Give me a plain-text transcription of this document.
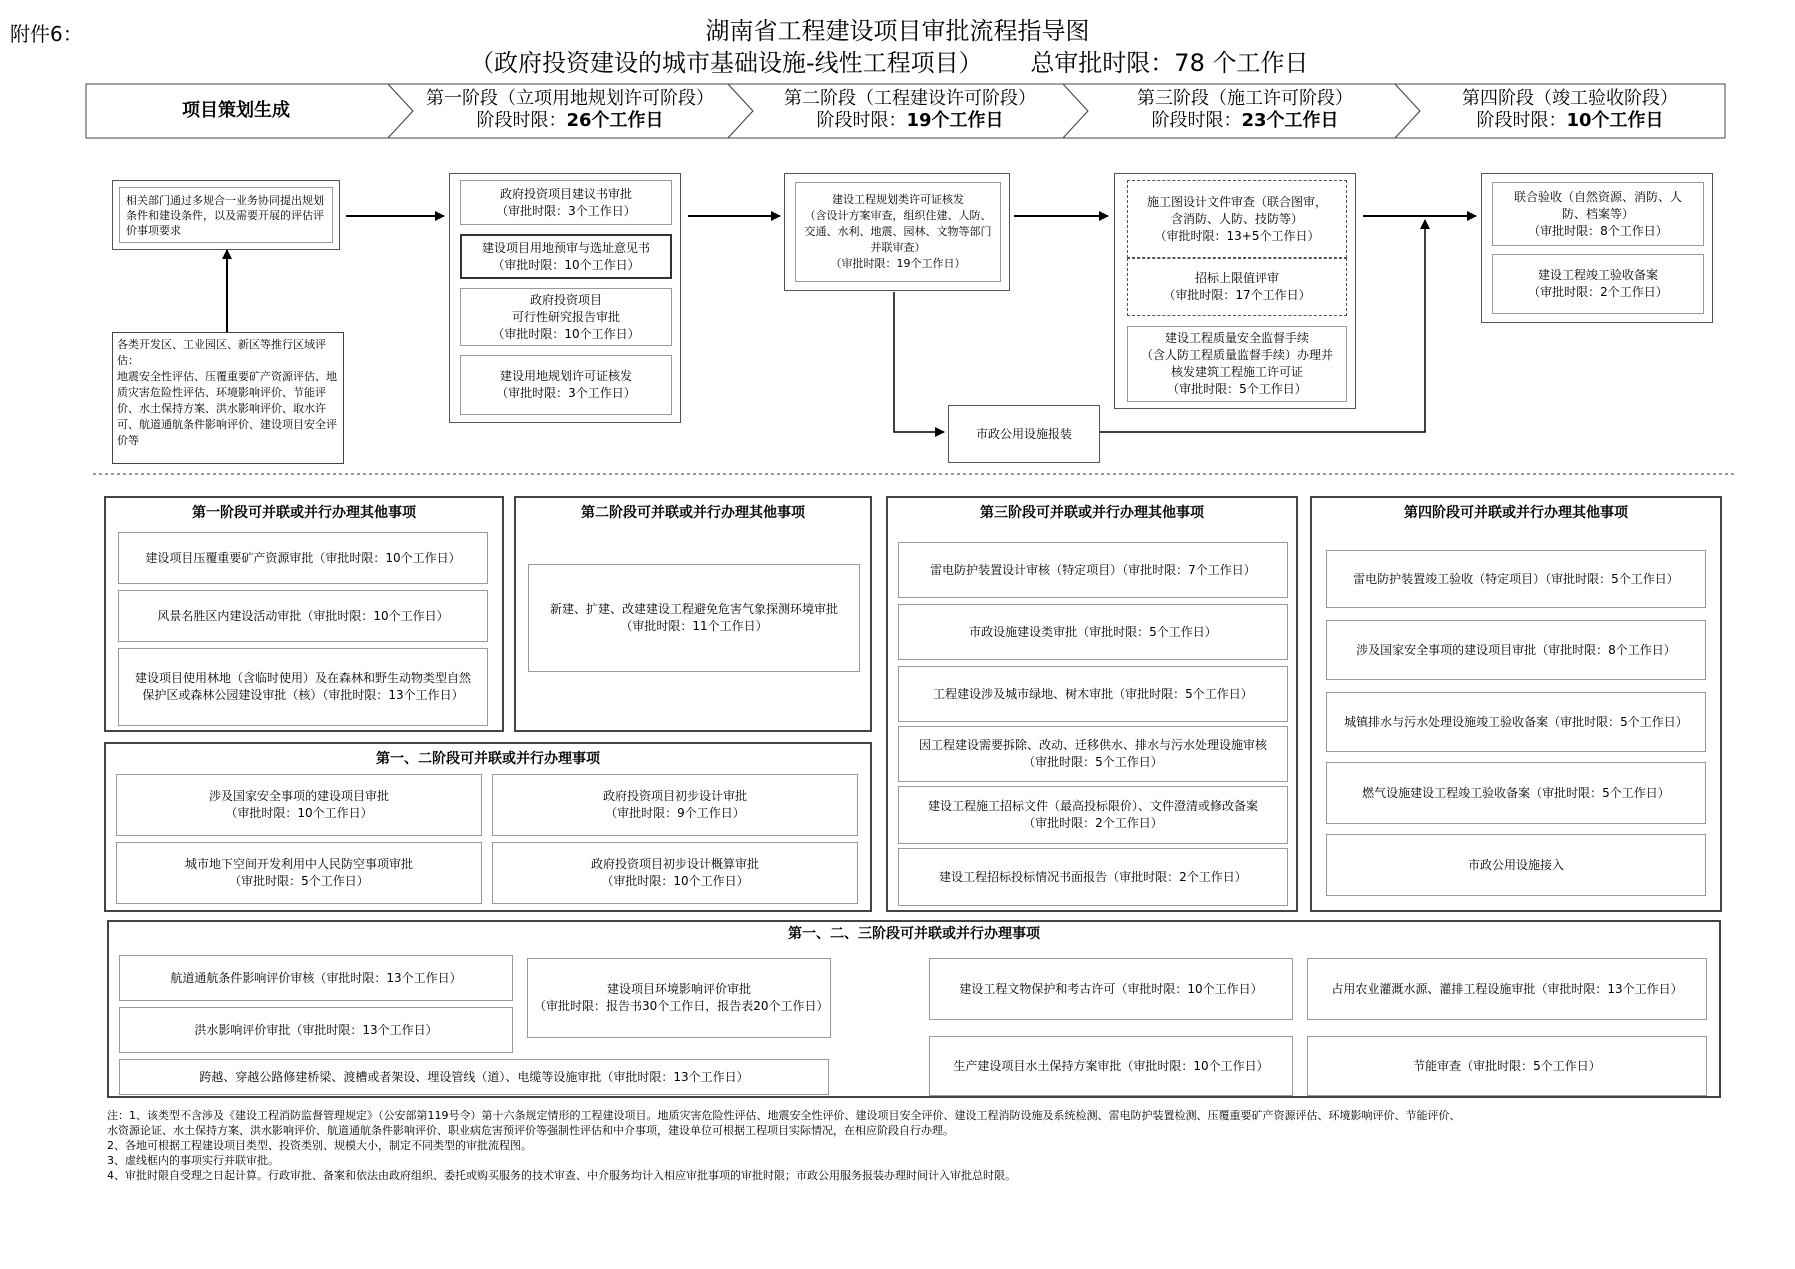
附件6：	湖南省工程建设项目审批流程指导图
（政府投资建设的城市基础设施-线性工程项目） 总审批时限：78 个工作日
项目策划生成
第一阶段（立项用地规划许可阶段）
阶段时限：26个工作日
第二阶段（工程建设许可阶段）
阶段时限：19个工作日
第三阶段（施工许可阶段）
阶段时限：23个工作日
第四阶段（竣工验收阶段）
阶段时限：10个工作日
相关部门通过多规合一业务协同提出规划条件和建设条件，以及需要开展的评估评价事项要求
各类开发区、工业园区、新区等推行区域评估：
地震安全性评估、压覆重要矿产资源评估、地质灾害危险性评估、环境影响评价、节能评价、水土保持方案、洪水影响评价、取水许可、航道通航条件影响评价、建设项目安全评价等
政府投资项目建议书审批
（审批时限：3个工作日）
建设项目用地预审与选址意见书
（审批时限：10个工作日）
政府投资项目
可行性研究报告审批
（审批时限：10个工作日）
建设用地规划许可证核发
（审批时限：3个工作日）
建设工程规划类许可证核发
（含设计方案审查，组织住建、人防、交通、水利、地震、园林、文物等部门并联审查）
（审批时限：19个工作日）
施工图设计文件审查（联合图审，
含消防、人防、技防等）
（审批时限：13+5个工作日）
招标上限值评审
（审批时限：17个工作日）
建设工程质量安全监督手续
（含人防工程质量监督手续）办理并
核发建筑工程施工许可证
（审批时限：5个工作日）
市政公用设施报装
联合验收（自然资源、消防、人
防、档案等）
（审批时限：8个工作日）
建设工程竣工验收备案
（审批时限：2个工作日）
第一阶段可并联或并行办理其他事项
建设项目压覆重要矿产资源审批（审批时限：10个工作日）
风景名胜区内建设活动审批（审批时限：10个工作日）
建设项目使用林地（含临时使用）及在森林和野生动物类型自然保护区或森林公园建设审批（核）（审批时限：13个工作日）
第二阶段可并联或并行办理其他事项
新建、扩建、改建建设工程避免危害气象探测环境审批
（审批时限：11个工作日）
第一、二阶段可并联或并行办理事项
涉及国家安全事项的建设项目审批
（审批时限：10个工作日）
政府投资项目初步设计审批
（审批时限：9个工作日）
城市地下空间开发利用中人民防空事项审批
（审批时限：5个工作日）
政府投资项目初步设计概算审批
（审批时限：10个工作日）
第三阶段可并联或并行办理其他事项
雷电防护装置设计审核（特定项目）（审批时限：7个工作日）
市政设施建设类审批（审批时限：5个工作日）
工程建设涉及城市绿地、树木审批（审批时限：5个工作日）
因工程建设需要拆除、改动、迁移供水、排水与污水处理设施审核
（审批时限：5个工作日）
建设工程施工招标文件（最高投标限价）、文件澄清或修改备案
（审批时限：2个工作日）
建设工程招标投标情况书面报告（审批时限：2个工作日）
第四阶段可并联或并行办理其他事项
雷电防护装置竣工验收（特定项目）（审批时限：5个工作日）
涉及国家安全事项的建设项目审批（审批时限：8个工作日）
城镇排水与污水处理设施竣工验收备案（审批时限：5个工作日）
燃气设施建设工程竣工验收备案（审批时限：5个工作日）
市政公用设施接入
第一、二、三阶段可并联或并行办理事项
航道通航条件影响评价审核（审批时限：13个工作日）
洪水影响评价审批（审批时限：13个工作日）
跨越、穿越公路修建桥梁、渡槽或者架设、埋设管线（道）、电缆等设施审批（审批时限：13个工作日）
建设项目环境影响评价审批
（审批时限：报告书30个工作日，报告表20个工作日）
建设工程文物保护和考古许可（审批时限：10个工作日）
生产建设项目水土保持方案审批（审批时限：10个工作日）
占用农业灌溉水源、灌排工程设施审批（审批时限：13个工作日）
节能审查（审批时限：5个工作日）
注：1、该类型不含涉及《建设工程消防监督管理规定》（公安部第119号令）第十六条规定情形的工程建设项目。地质灾害危险性评估、地震安全性评价、建设项目安全评价、建设工程消防设施及系统检测、雷电防护装置检测、压覆重要矿产资源评估、环境影响评价、节能评价、
水资源论证、水土保持方案、洪水影响评价、航道通航条件影响评价、职业病危害预评价等强制性评估和中介事项，建设单位可根据工程项目实际情况，在相应阶段自行办理。
2、各地可根据工程建设项目类型、投资类别、规模大小，制定不同类型的审批流程图。
3、虚线框内的事项实行并联审批。
4、审批时限自受理之日起计算。行政审批、备案和依法由政府组织、委托或购买服务的技术审查、中介服务均计入相应审批事项的审批时限；市政公用服务报装办理时间计入审批总时限。
